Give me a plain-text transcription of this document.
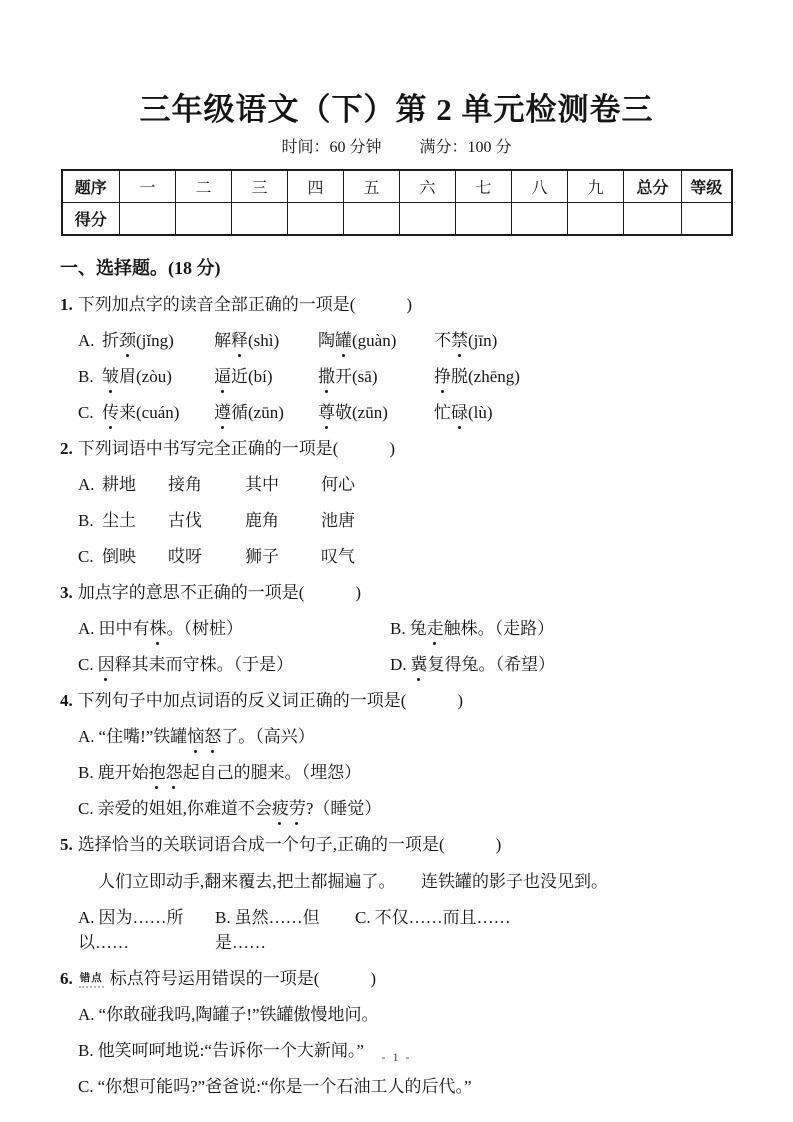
三年级语文（下）第 2 单元检测卷三
时间：60 分钟 满分：100 分
题序	一	二	三	四	五	六	七	八	九	总分	等级
得分											
一、选择题。(18 分)
1. 下列加点字的读音全部正确的一项是(　　　)
A. 折颈(jǐng)	解释(shì)	陶罐(guàn)	不禁(jīn)
B. 皱眉(zòu)	逼近(bí)	撒开(sā)	挣脱(zhēng)
C. 传来(cuán)	遵循(zūn)	尊敬(zūn)	忙碌(lù)
2. 下列词语中书写完全正确的一项是(　　　)
A. 耕地	接角	其中	何心
B. 尘土	古伐	鹿角	池唐
C. 倒映	哎呀	狮子	叹气
3. 加点字的意思不正确的一项是(　　　)
A. 田中有株。（树桩）	B. 兔走触株。（走路）
C. 因释其耒而守株。（于是）	D. 冀复得兔。（希望）
4. 下列句子中加点词语的反义词正确的一项是(　　　)
A. “住嘴!”铁罐恼怒了。（高兴）
B. 鹿开始抱怨起自己的腿来。（埋怨）
C. 亲爱的姐姐,你难道不会疲劳?（睡觉）
5. 选择恰当的关联词语合成一个句子,正确的一项是(　　　)
人们立即动手,翻来覆去,把土都掘遍了。　　连铁罐的影子也没见到。
A. 因为……所以……
B. 虽然……但是……
C. 不仅……而且……
6. 错点 标点符号运用错误的一项是(　　　)
A. “你敢碰我吗,陶罐子!”铁罐傲慢地问。
B. 他笑呵呵地说:“告诉你一个大新闻。”
C. “你想可能吗?”爸爸说:“你是一个石油工人的后代。”
- 1 -
